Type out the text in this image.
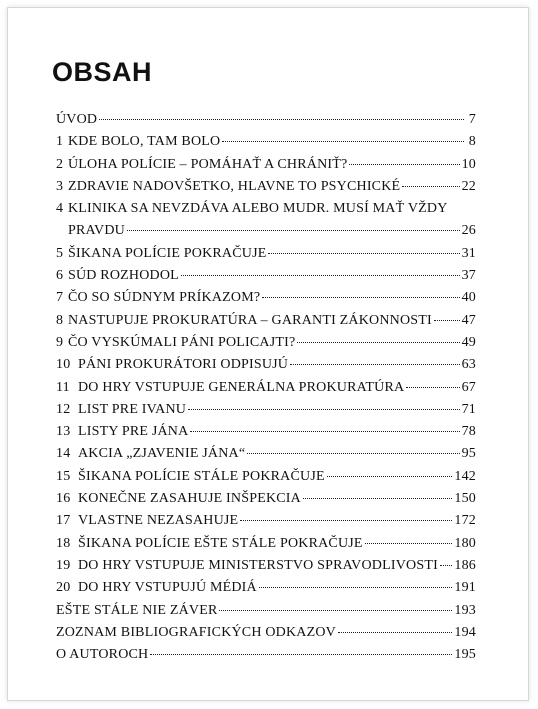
OBSAH
ÚVOD	7
1 KDE BOLO, TAM BOLO	8
2 ÚLOHA POLÍCIE – POMÁHAŤ A CHRÁNIŤ?	10
3 ZDRAVIE NADOVŠETKO, HLAVNE TO PSYCHICKÉ	22
4 KLINIKA SA NEVZDÁVA ALEBO MUDR. MUSÍ MAŤ VŽDY
PRAVDU	26
5 ŠIKANA POLÍCIE POKRAČUJE	31
6 SÚD ROZHODOL	37
7 ČO SO SÚDNYM PRÍKAZOM?	40
8 NASTUPUJE PROKURATÚRA – GARANTI ZÁKONNOSTI 47
9 ČO VYSKÚMALI PÁNI POLICAJTI?	49
10 PÁNI PROKURÁTORI ODPISUJÚ	63
11 DO HRY VSTUPUJE GENERÁLNA PROKURATÚRA	67
12 LIST PRE IVANU	71
13 LISTY PRE JÁNA	78
14 AKCIA „ZJAVENIE JÁNA“	95
15 ŠIKANA POLÍCIE STÁLE POKRAČUJE	142
16 KONEČNE ZASAHUJE INŠPEKCIA	150
17 VLASTNE NEZASAHUJE	172
18 ŠIKANA POLÍCIE EŠTE STÁLE POKRAČUJE	180
19 DO HRY VSTUPUJE MINISTERSTVO SPRAVODLIVOSTI 186
20 DO HRY VSTUPUJÚ MÉDIÁ	191
EŠTE STÁLE NIE ZÁVER	193
ZOZNAM BIBLIOGRAFICKÝCH ODKAZOV	194
O AUTOROCH	195
